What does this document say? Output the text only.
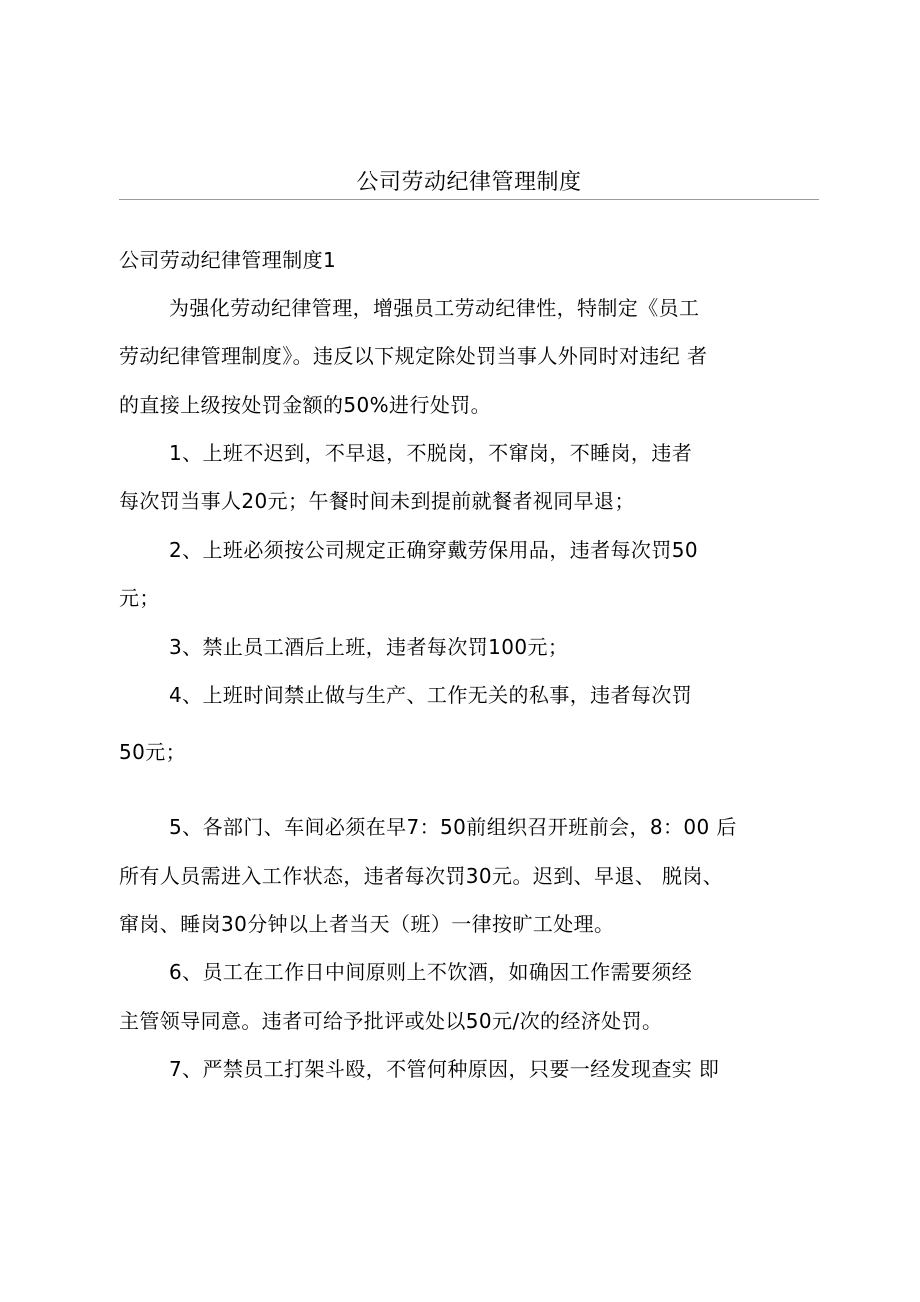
公司劳动纪律管理制度
公司劳动纪律管理制度1
为强化劳动纪律管理，增强员工劳动纪律性，特制定《员工
劳动纪律管理制度》。违反以下规定除处罚当事人外同时对违纪 者
的直接上级按处罚金额的50%进行处罚。
1、上班不迟到，不早退，不脱岗，不窜岗，不睡岗，违者
每次罚当事人20元；午餐时间未到提前就餐者视同早退；
2、上班必须按公司规定正确穿戴劳保用品，违者每次罚50
元；
3、禁止员工酒后上班，违者每次罚100元；
4、上班时间禁止做与生产、工作无关的私事，违者每次罚
50元；
5、各部门、车间必须在早7：50前组织召开班前会，8：00 后
所有人员需进入工作状态，违者每次罚30元。迟到、早退、 脱岗、
窜岗、睡岗30分钟以上者当天（班）一律按旷工处理。
6、员工在工作日中间原则上不饮酒，如确因工作需要须经
主管领导同意。违者可给予批评或处以50元/次的经济处罚。
7、严禁员工打架斗殴，不管何种原因，只要一经发现查实 即
